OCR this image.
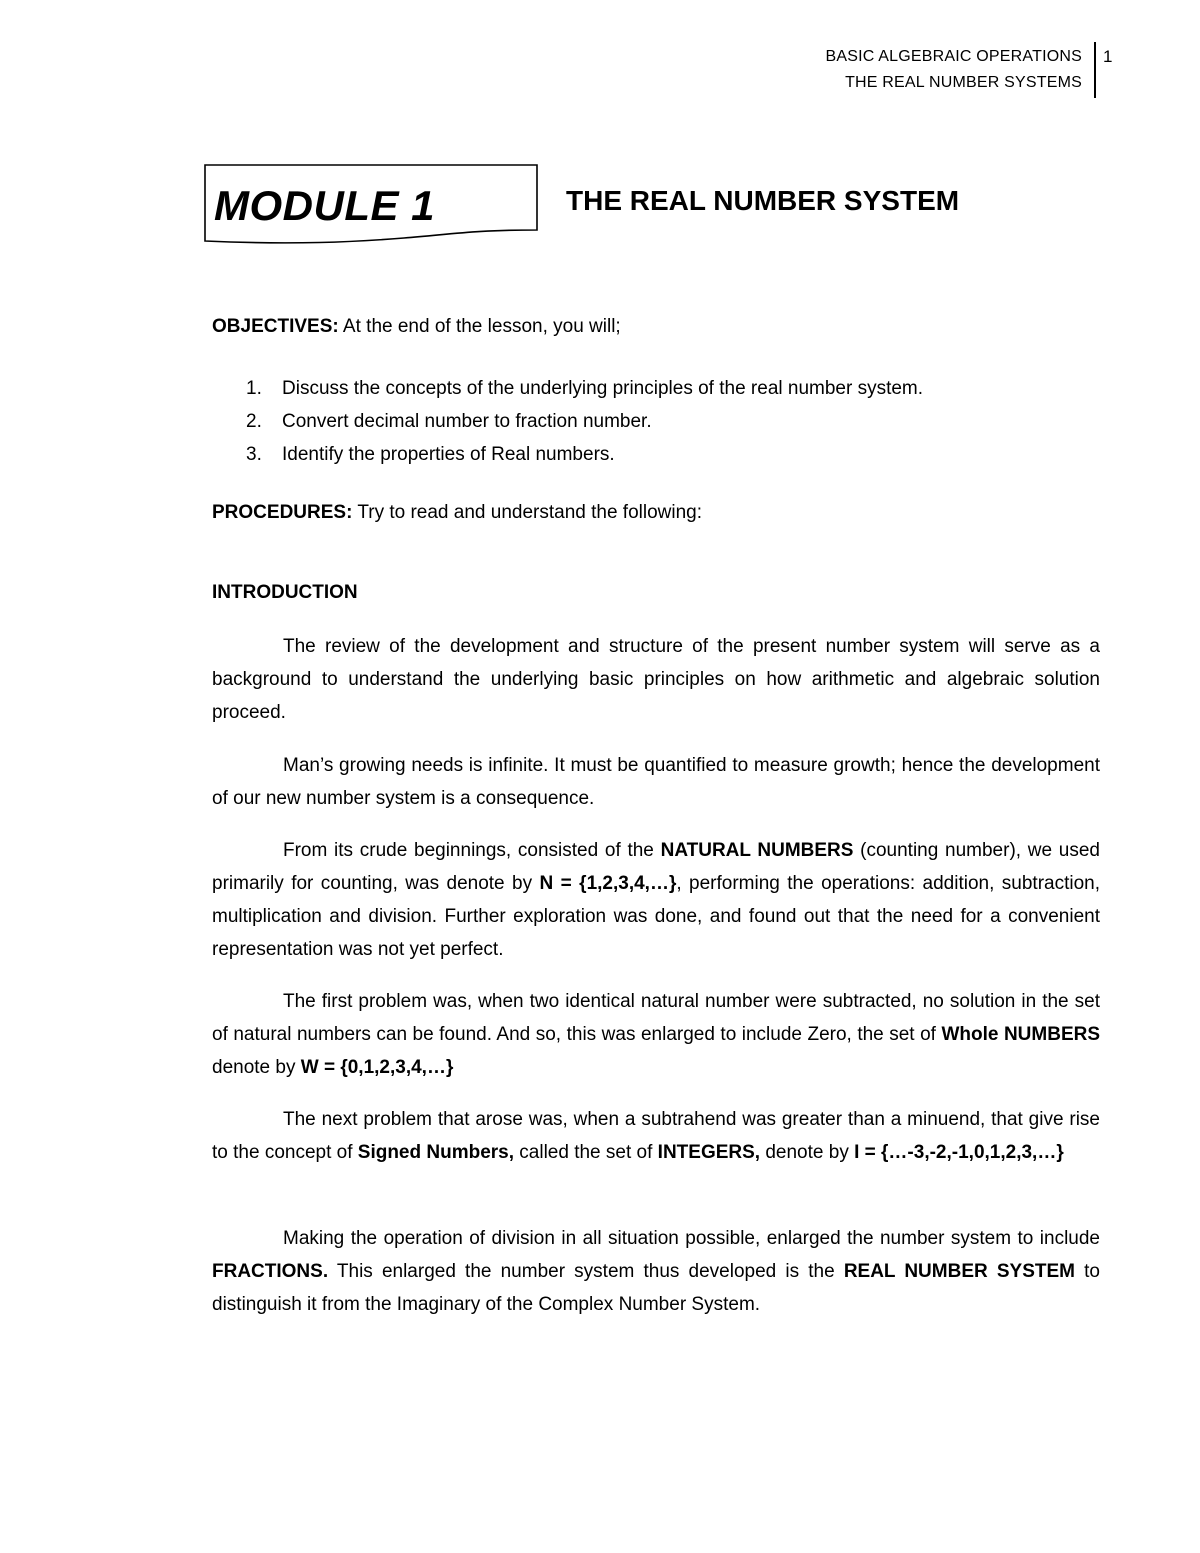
BASIC ALGEBRAIC OPERATIONS
THE REAL NUMBER SYSTEMS
1
MODULE 1	THE REAL NUMBER SYSTEM

OBJECTIVES: At the end of the lesson, you will;

1. Discuss the concepts of the underlying principles of the real number system.
2. Convert decimal number to fraction number.
3. Identify the properties of Real numbers.

PROCEDURES: Try to read and understand the following:

INTRODUCTION

The review of the development and structure of the present number system will serve as a background to understand the underlying basic principles on how arithmetic and algebraic solution proceed.

Man’s growing needs is infinite. It must be quantified to measure growth; hence the development of our new number system is a consequence.

From its crude beginnings, consisted of the NATURAL NUMBERS (counting number), we used primarily for counting, was denote by N = {1,2,3,4,…}, performing the operations: addition, subtraction, multiplication and division. Further exploration was done, and found out that the need for a convenient representation was not yet perfect.

The first problem was, when two identical natural number were subtracted, no solution in the set of natural numbers can be found. And so, this was enlarged to include Zero, the set of Whole NUMBERS denote by W = {0,1,2,3,4,…}

The next problem that arose was, when a subtrahend was greater than a minuend, that give rise to the concept of Signed Numbers, called the set of INTEGERS, denote by I = {…-3,-2,-1,0,1,2,3,…}

Making the operation of division in all situation possible, enlarged the number system to include FRACTIONS. This enlarged the number system thus developed is the REAL NUMBER SYSTEM to distinguish it from the Imaginary of the Complex Number System.
